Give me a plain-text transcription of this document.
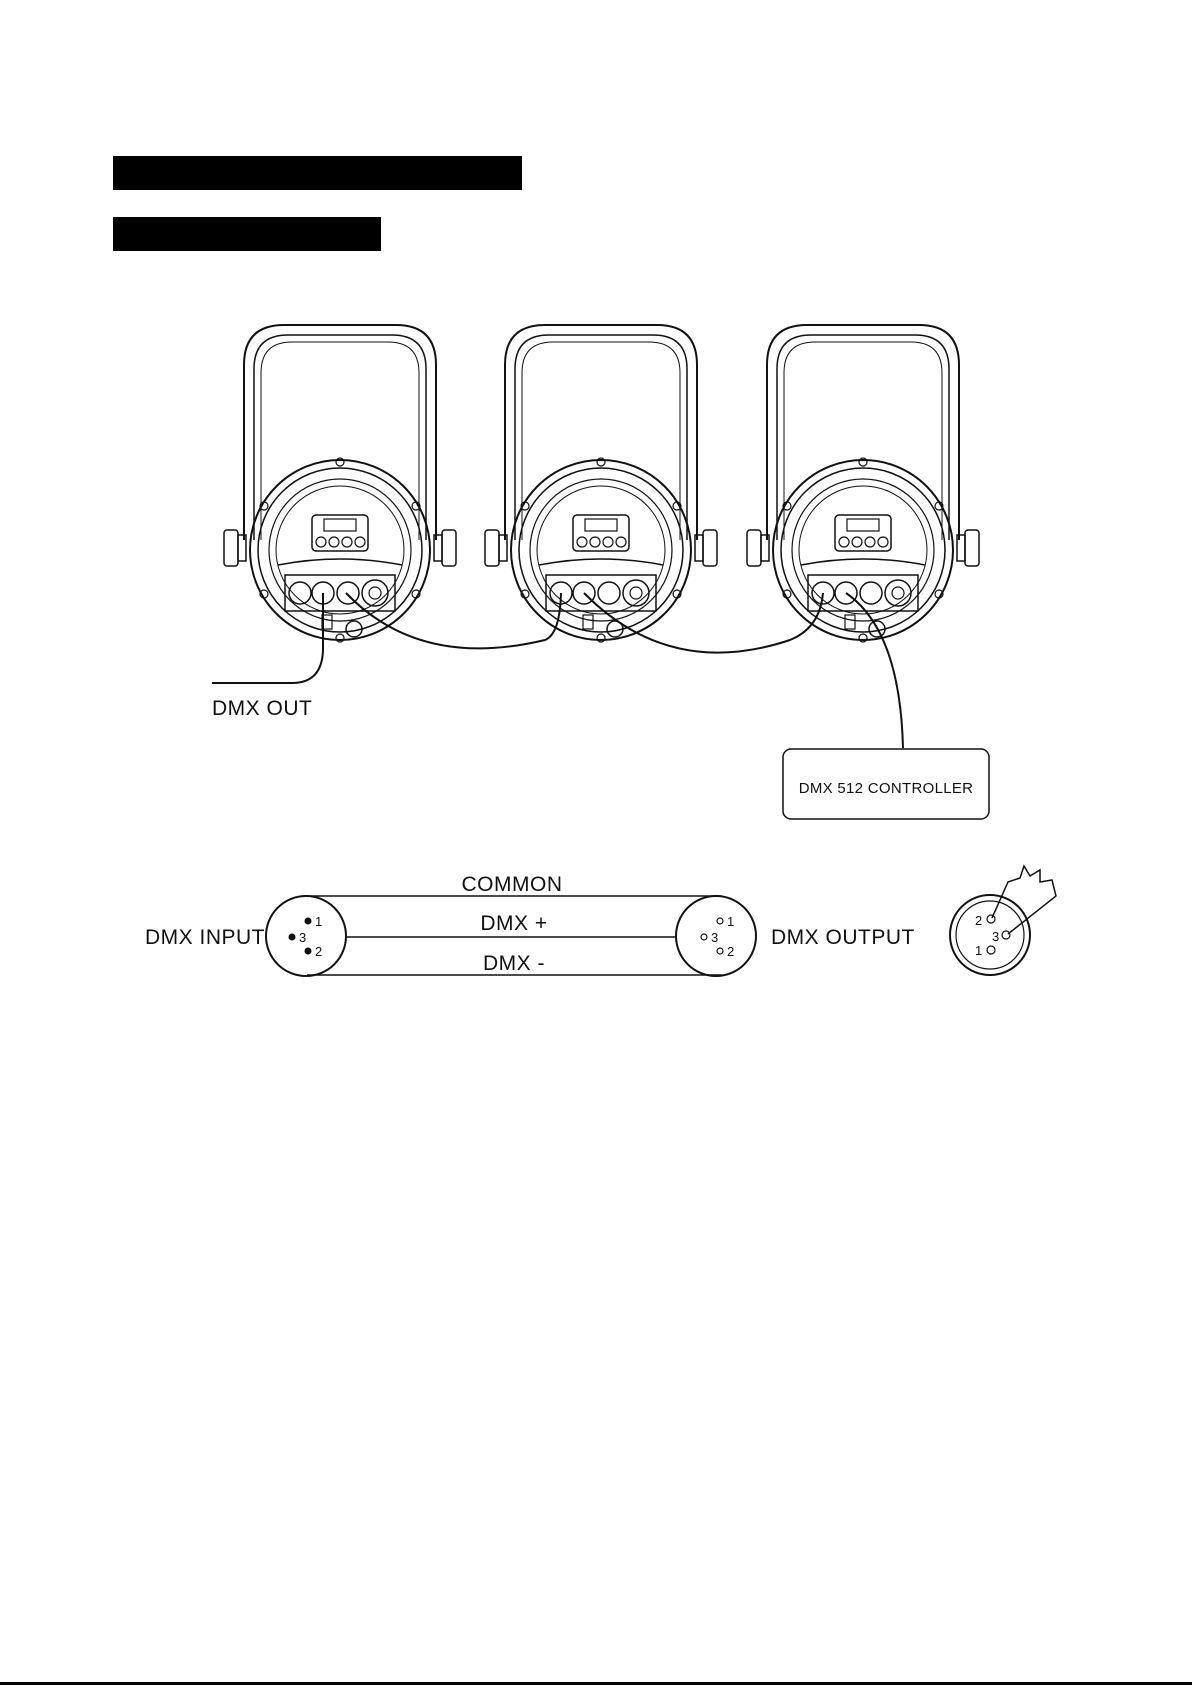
DMX OUT
DMX 512 CONTROLLER
1
3
2
1
3
2
COMMON
DMX +
DMX -
DMX INPUT	DMX OUTPUT
2
3
1
